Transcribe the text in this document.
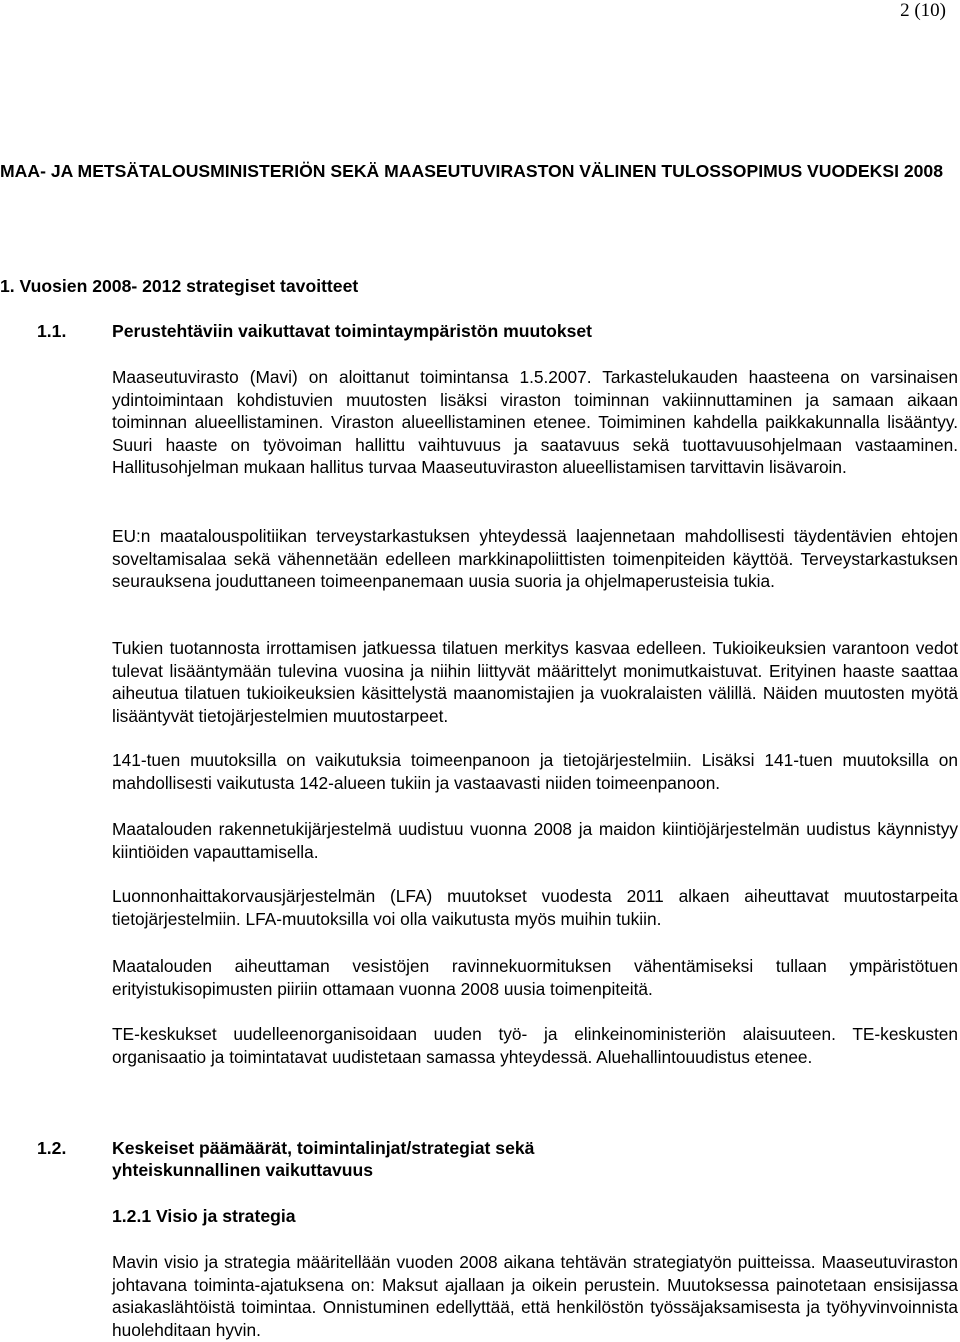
2 (10)
MAA- JA METSÄTALOUSMINISTERIÖN SEKÄ MAASEUTUVIRASTON VÄLINEN TULOSSOPIMUS VUODEKSI 2008
1. Vuosien 2008- 2012 strategiset tavoitteet
1.1.	Perustehtäviin vaikuttavat toimintaympäristön muutokset

Maaseutuvirasto (Mavi) on aloittanut toimintansa 1.5.2007. Tarkastelukauden haasteena on varsinaisen ydintoimintaan kohdistuvien muutosten lisäksi viraston toiminnan vakiinnuttaminen ja samaan aikaan toiminnan alueellistaminen. Viraston alueellistaminen etenee. Toimiminen kahdella paikkakunnalla lisääntyy. Suuri haaste on työvoiman hallittu vaihtuvuus ja saatavuus sekä tuottavuusohjelmaan vastaaminen. Hallitusohjelman mukaan hallitus turvaa Maaseutuviraston alueellistamisen tarvittavin lisävaroin.

EU:n maatalouspolitiikan terveystarkastuksen yhteydessä laajennetaan mahdollisesti täydentävien ehtojen soveltamisalaa sekä vähennetään edelleen markkinapoliittisten toimenpiteiden käyttöä. Terveystarkastuksen seurauksena jouduttaneen toimeenpanemaan uusia suoria ja ohjelmaperusteisia tukia.

Tukien tuotannosta irrottamisen jatkuessa tilatuen merkitys kasvaa edelleen. Tukioikeuksien varantoon vedot tulevat lisääntymään tulevina vuosina ja niihin liittyvät määrittelyt monimutkaistuvat. Erityinen haaste saattaa aiheutua tilatuen tukioikeuksien käsittelystä maanomistajien ja vuokralaisten välillä. Näiden muutosten myötä lisääntyvät tietojärjestelmien muutostarpeet.

141-tuen muutoksilla on vaikutuksia toimeenpanoon ja tietojärjestelmiin. Lisäksi 141-tuen muutoksilla on mahdollisesti vaikutusta 142-alueen tukiin ja vastaavasti niiden toimeenpanoon.

Maatalouden rakennetukijärjestelmä uudistuu vuonna 2008 ja maidon kiintiöjärjestelmän uudistus käynnistyy kiintiöiden vapauttamisella.

Luonnonhaittakorvausjärjestelmän (LFA) muutokset vuodesta 2011 alkaen aiheuttavat muutostarpeita tietojärjestelmiin. LFA-muutoksilla voi olla vaikutusta myös muihin tukiin.

Maatalouden aiheuttaman vesistöjen ravinnekuormituksen vähentämiseksi tullaan ympäristötuen erityistukisopimusten piiriin ottamaan vuonna 2008 uusia toimenpiteitä.

TE-keskukset uudelleenorganisoidaan uuden työ- ja elinkeinoministeriön alaisuuteen. TE-keskusten organisaatio ja toimintatavat uudistetaan samassa yhteydessä. Aluehallintouudistus etenee.

1.2.	Keskeiset päämäärät, toimintalinjat/strategiat sekä
yhteiskunnallinen vaikuttavuus
1.2.1 Visio ja strategia

Mavin visio ja strategia määritellään vuoden 2008 aikana tehtävän strategiatyön puitteissa. Maaseutuviraston johtavana toiminta-ajatuksena on: Maksut ajallaan ja oikein perustein. Muutoksessa painotetaan ensisijassa asiakaslähtöistä toimintaa. Onnistuminen edellyttää, että henkilöstön työssäjaksamisesta ja työhyvinvoinnista huolehditaan hyvin.
